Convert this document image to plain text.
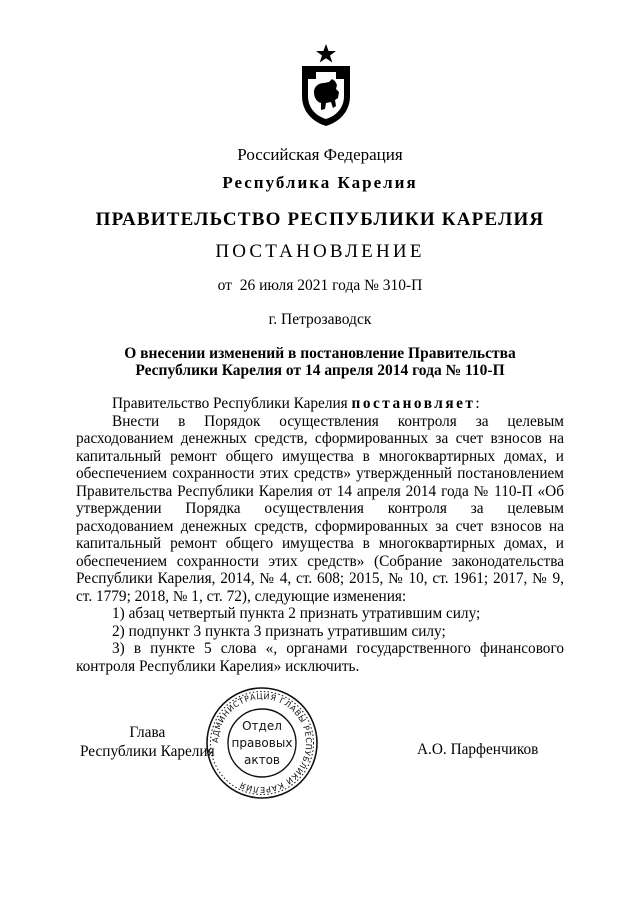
Российская Федерация
Республика Карелия
ПРАВИТЕЛЬСТВО РЕСПУБЛИКИ КАРЕЛИЯ
ПОСТАНОВЛЕНИЕ
от  26 июля 2021 года № 310-П
г. Петрозаводск
О внесении изменений в постановление Правительства
Республики Карелия от 14 апреля 2014 года № 110-П

Правительство Республики Карелия постановляет:

Внести в Порядок осуществления контроля за целевым расходованием денежных средств, сформированных за счет взносов на капитальный ремонт общего имущества в многоквартирных домах, и обеспечением сохранности этих средств» утвержденный постановлением Правительства Республики Карелия от 14 апреля 2014 года № 110-П «Об утверждении Порядка осуществления контроля за целевым расходованием денежных средств, сформированных за счет взносов на капитальный ремонт общего имущества в многоквартирных домах, и обеспечением сохранности этих средств» (Собрание законодательства Республики Карелия, 2014, № 4, ст. 608; 2015, № 10, ст. 1961; 2017, № 9, ст. 1779; 2018, № 1, ст. 72), следующие изменения:

1) абзац четвертый пункта 2 признать утратившим силу;

2) подпункт 3 пункта 3 признать утратившим силу;

3) в пункте 5 слова «, органами государственного финансового контроля Республики Карелия» исключить.

Глава
Республики Карелия	А.О. Парфенчиков
АДМИНИСТРАЦИЯ ГЛАВЫ РЕСПУБЛИКИ КАРЕЛИЯ
Отдел
правовых
актов
